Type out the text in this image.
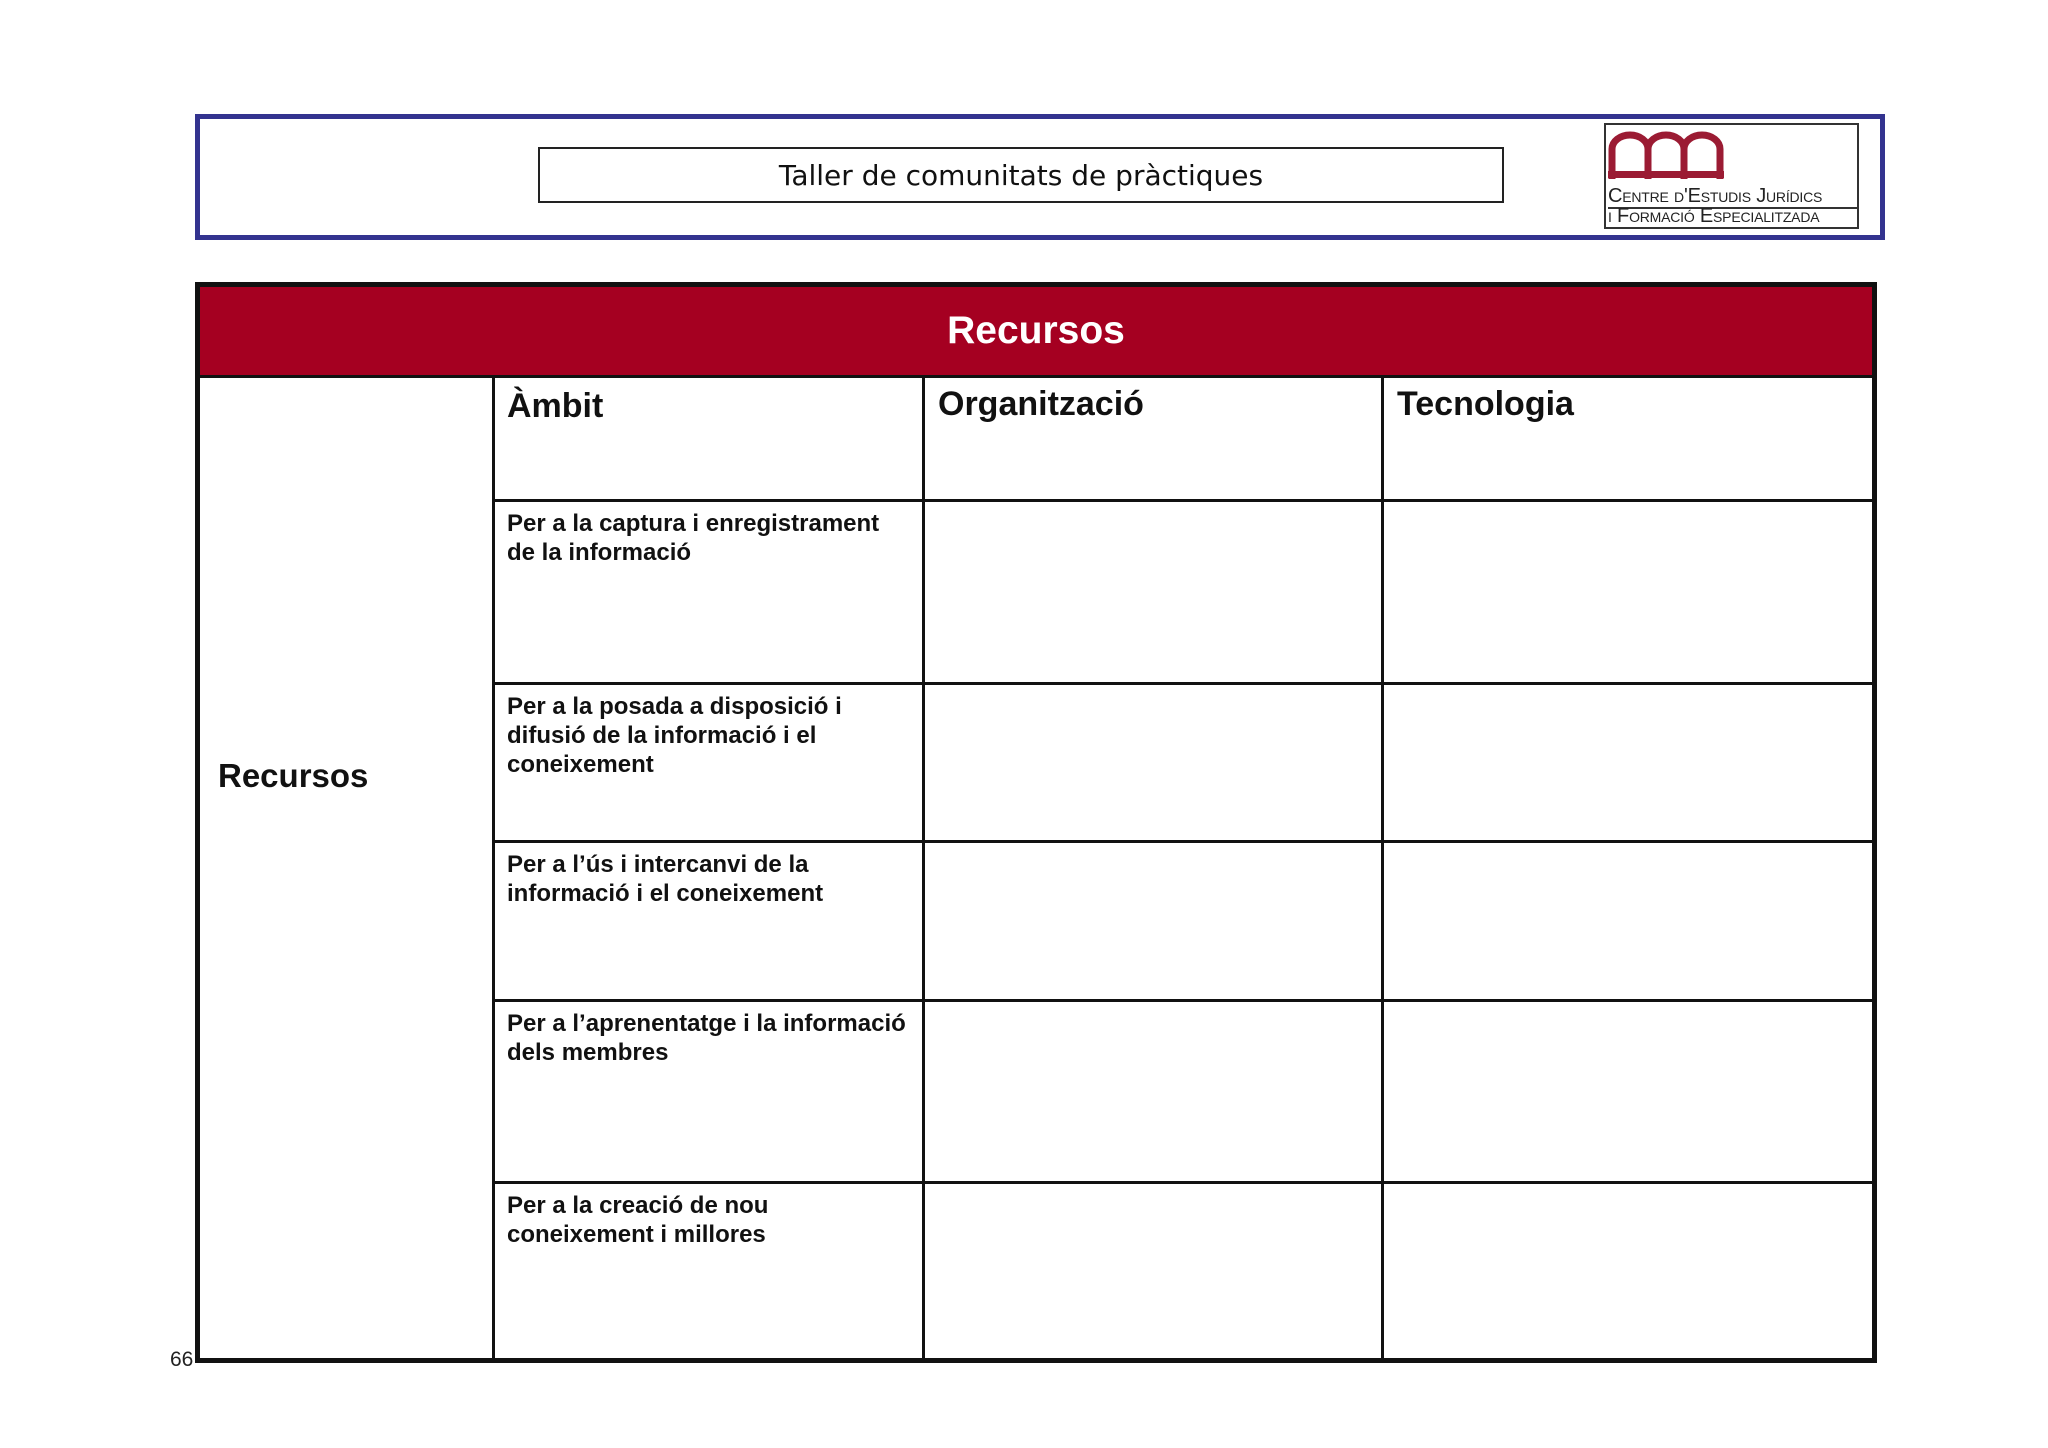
Taller de comunitats de pràctiques
Centre d'Estudis Jurídics
i Formació Especialitzada
Recursos
Recursos
Àmbit	Organització	Tecnologia
Per a la captura i enregistrament de la informació
Per a la posada a disposició i difusió de la informació i el coneixement
Per a l’ús i intercanvi de la informació i el coneixement
Per a l’aprenentatge i la informació dels membres
Per a la creació de nou coneixement i millores
66
